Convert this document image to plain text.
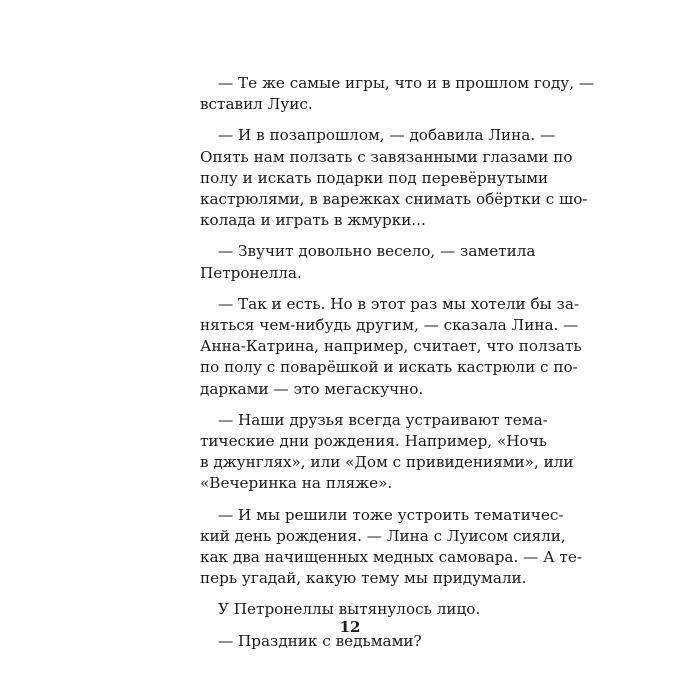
— Те же самые игры, что и в прошлом году, —
вставил Луис.

— И в позапрошлом, — добавила Лина. —
Опять нам ползать с завязанными глазами по
полу и искать подарки под перевёрнутыми
кастрюлями, в варежках снимать обёртки с шо-
колада и играть в жмурки...

— Звучит довольно весело, — заметила
Петронелла.

— Так и есть. Но в этот раз мы хотели бы за-
няться чем-нибудь другим, — сказала Лина. —
Анна-Катрина, например, считает, что ползать
по полу с поварёшкой и искать кастрюли с по-
дарками — это мегаскучно.

— Наши друзья всегда устраивают тема-
тические дни рождения. Например, «Ночь
в джунглях», или «Дом с привидениями», или
«Вечеринка на пляже».

— И мы решили тоже устроить тематичес-
кий день рождения. — Лина с Луисом сияли,
как два начищенных медных самовара. — А те-
перь угадай, какую тему мы придумали.

У Петронеллы вытянулось лицо.

— Праздник с ведьмами?

12
